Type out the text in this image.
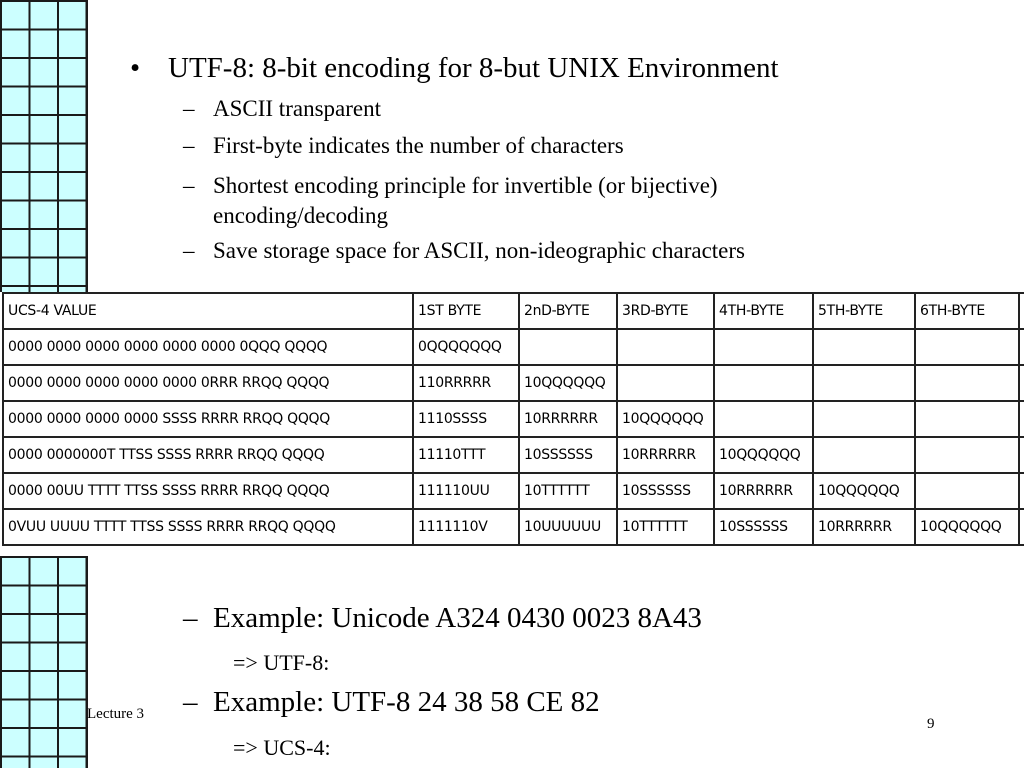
• UTF-8: 8-bit encoding for 8-but UNIX Environment
– ASCII transparent
– First-byte indicates the number of characters
– Shortest encoding principle for invertible (or bijective)
encoding/decoding
– Save storage space for ASCII, non-ideographic characters
UCS-4 VALUE	1ST BYTE	2nD-BYTE	3RD-BYTE	4TH-BYTE	5TH-BYTE	6TH-BYTE	
0000 0000 0000 0000 0000 0000 0QQQ QQQQ	0QQQQQQQ						
0000 0000 0000 0000 0000 0RRR RRQQ QQQQ	110RRRRR	10QQQQQQ					
0000 0000 0000 0000 SSSS RRRR RRQQ QQQQ	1110SSSS	10RRRRRR	10QQQQQQ				
0000 0000000T TTSS SSSS RRRR RRQQ QQQQ	11110TTT	10SSSSSS	10RRRRRR	10QQQQQQ			
0000 00UU TTTT TTSS SSSS RRRR RRQQ QQQQ	111110UU	10TTTTTT	10SSSSSS	10RRRRRR	10QQQQQQ		
0VUU UUUU TTTT TTSS SSSS RRRR RRQQ QQQQ	1111110V	10UUUUUU	10TTTTTT	10SSSSSS	10RRRRRR	10QQQQQQ	
– Example: Unicode A324 0430 0023 8A43
=> UTF-8:
– Example: UTF-8 24 38 58 CE 82
=> UCS-4:
Lecture 3
9
